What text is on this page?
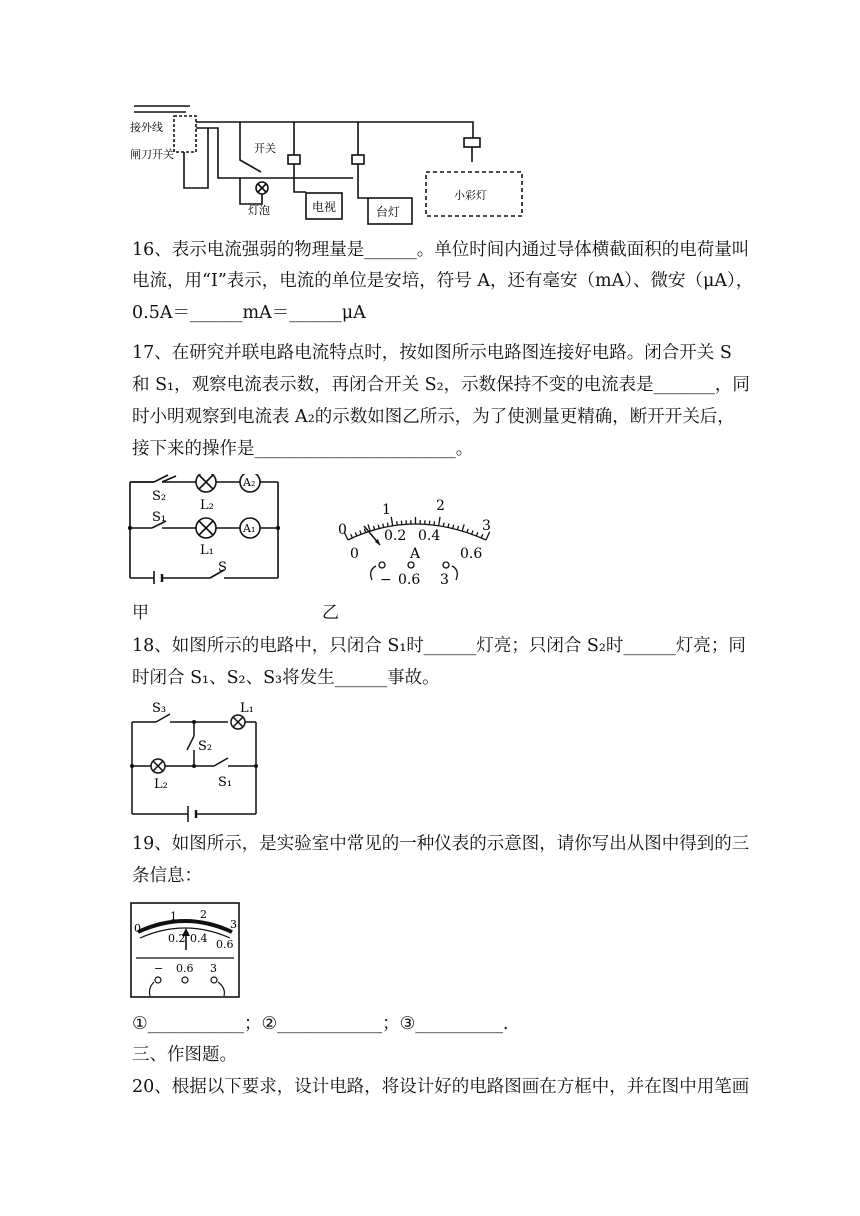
接外线
闸刀开关	开关
灯泡	电视	台灯
小彩灯
16、表示电流强弱的物理量是______。单位时间内通过导体横截面积的电荷量叫
电流，用“I”表示，电流的单位是安培，符号 A，还有毫安（mA）、微安（μA），
0.5A＝______mA＝______μA
17、在研究并联电路电流特点时，按如图所示电路图连接好电路。闭合开关 S
和 S₁，观察电流表示数，再闭合开关 S₂，示数保持不变的电流表是_______，同
时小明观察到电流表 A₂的示数如图乙所示，为了使测量更精确，断开开关后，
接下来的操作是_______________________。
S₂
S₁
L₂
L₁
A₂
A₁
S
甲
0
1	2
3
0
0.2 0.4
0.6
A
− 0.6 3
乙
18、如图所示的电路中，只闭合 S₁时______灯亮；只闭合 S₂时______灯亮；同
时闭合 S₁、S₂、S₃将发生______事故。
S₃	L₁
S₂
L₂	S₁
19、如图所示，是实验室中常见的一种仪表的示意图，请你写出从图中得到的三
条信息：
0
1 2
3
0.2 0.4 0.6
− 0.6 3
①___________；②____________；③__________.
三、作图题。
20、根据以下要求，设计电路，将设计好的电路图画在方框中，并在图中用笔画
